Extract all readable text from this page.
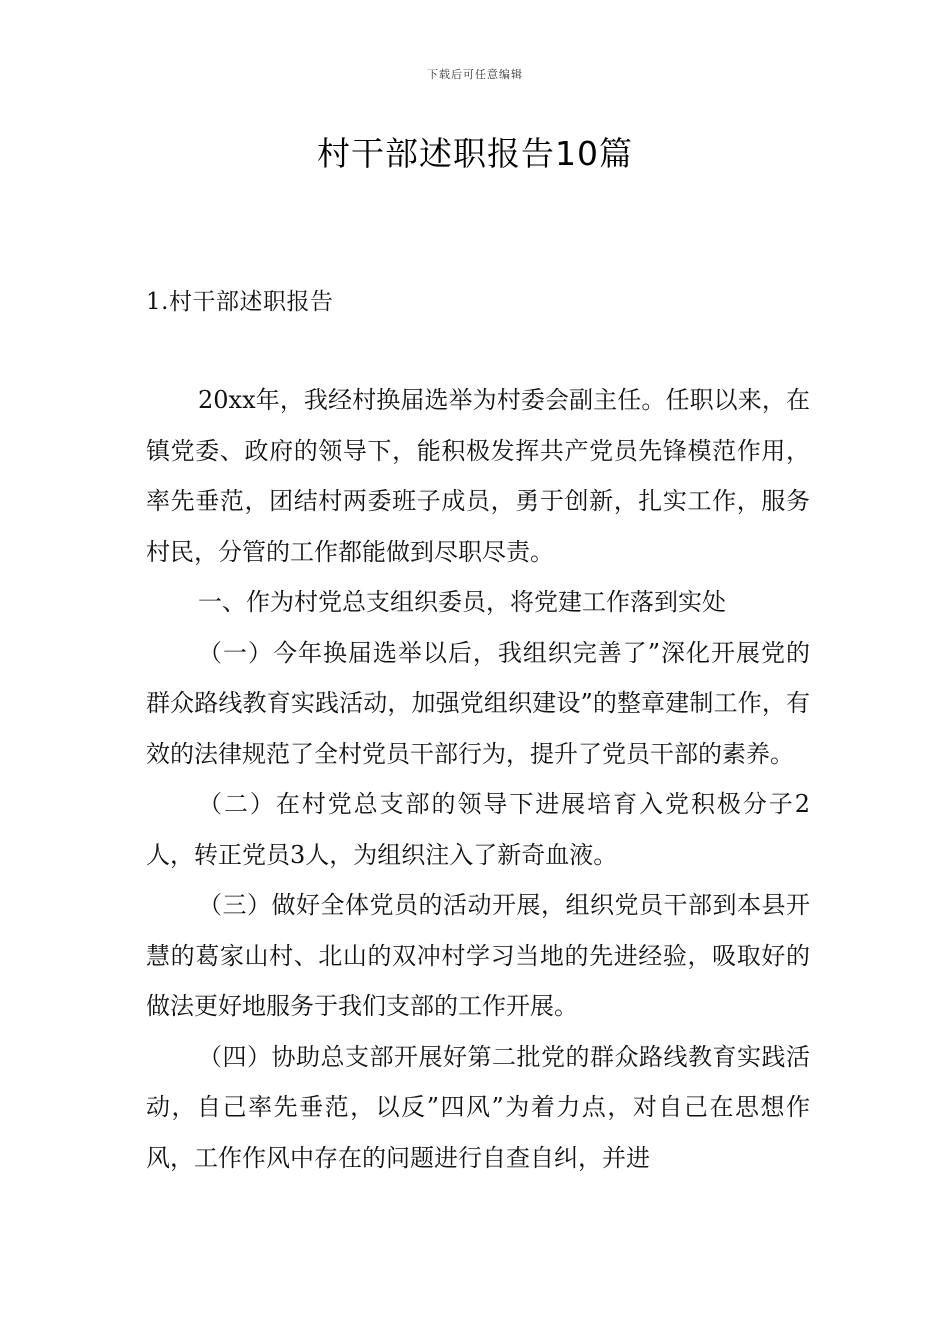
下载后可任意编辑
村干部述职报告10篇
1.村干部述职报告

20xx年，我经村换届选举为村委会副主任。任职以来，在镇党委、政府的领导下，能积极发挥共产党员先锋模范作用，率先垂范，团结村两委班子成员，勇于创新，扎实工作，服务村民，分管的工作都能做到尽职尽责。

一、作为村党总支组织委员，将党建工作落到实处

（一）今年换届选举以后，我组织完善了”深化开展党的群众路线教育实践活动，加强党组织建设”的整章建制工作，有效的法律规范了全村党员干部行为，提升了党员干部的素养。

（二）在村党总支部的领导下进展培育入党积极分子2人，转正党员3人，为组织注入了新奇血液。

（三）做好全体党员的活动开展，组织党员干部到本县开慧的葛家山村、北山的双冲村学习当地的先进经验，吸取好的做法更好地服务于我们支部的工作开展。

（四）协助总支部开展好第二批党的群众路线教育实践活动，自己率先垂范，以反”四风”为着力点，对自己在思想作风，工作作风中存在的问题进行自查自纠，并进
